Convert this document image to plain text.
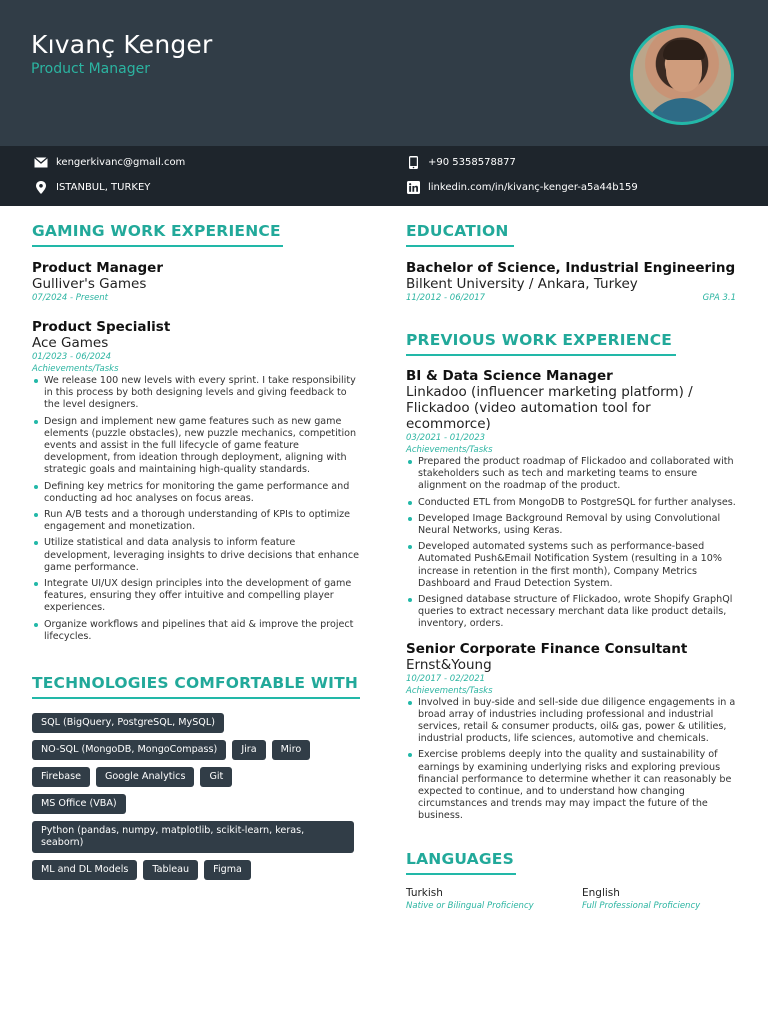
Kıvanç Kenger
Product Manager
kengerkivanc@gmail.com
ISTANBUL, TURKEY
+90 5358578877
linkedin.com/in/kivanç-kenger-a5a44b159
GAMING WORK EXPERIENCE
Product Manager
Gulliver's Games
07/2024 - Present
Product Specialist
Ace Games
01/2023 - 06/2024
Achievements/Tasks
We release 100 new levels with every sprint. I take responsibility in this process by both designing levels and giving feedback to the level designers.
Design and implement new game features such as new game elements (puzzle obstacles), new puzzle mechanics, competition events and assist in the full lifecycle of game feature development, from ideation through deployment, aligning with strategic goals and maintaining high-quality standards.
Defining key metrics for monitoring the game performance and conducting ad hoc analyses on focus areas.
Run A/B tests and a thorough understanding of KPIs to optimize engagement and monetization.
Utilize statistical and data analysis to inform feature development, leveraging insights to drive decisions that enhance game performance.
Integrate UI/UX design principles into the development of game features, ensuring they offer intuitive and compelling player experiences.
Organize workflows and pipelines that aid & improve the project lifecycles.
TECHNOLOGIES COMFORTABLE WITH
SQL (BigQuery, PostgreSQL, MySQL)
NO-SQL (MongoDB, MongoCompass)	Jira	Miro
Firebase	Google Analytics	Git
MS Office (VBA)
Python (pandas, numpy, matplotlib, scikit-learn, keras, seaborn)
ML and DL Models	Tableau	Figma
EDUCATION
Bachelor of Science, Industrial Engineering
Bilkent University / Ankara, Turkey
11/2012 - 06/2017	GPA 3.1
PREVIOUS WORK EXPERIENCE
BI & Data Science Manager
Linkadoo (influencer marketing platform) / Flickadoo (video automation tool for ecommorce)
03/2021 - 01/2023
Achievements/Tasks
Prepared the product roadmap of Flickadoo and collaborated with stakeholders such as tech and marketing teams to ensure alignment on the roadmap of the product.
Conducted ETL from MongoDB to PostgreSQL for further analyses.
Developed Image Background Removal by using Convolutional Neural Networks, using Keras.
Developed automated systems such as performance-based Automated Push&Email Notification System (resulting in a 10% increase in retention in the first month), Company Metrics Dashboard and Fraud Detection System.
Designed database structure of Flickadoo, wrote Shopify GraphQl queries to extract necessary merchant data like product details, inventory, orders.
Senior Corporate Finance Consultant
Ernst&Young
10/2017 - 02/2021
Achievements/Tasks
Involved in buy-side and sell-side due diligence engagements in a broad array of industries including professional and industrial services, retail & consumer products, oil& gas, power & utilities, industrial products, life sciences, automotive and chemicals.
Exercise problems deeply into the quality and sustainability of earnings by examining underlying risks and exploring previous financial performance to determine whether it can reasonably be expected to continue, and to understand how changing circumstances and trends may may impact the future of the business.
LANGUAGES
Turkish
Native or Bilingual Proficiency
English
Full Professional Proficiency
